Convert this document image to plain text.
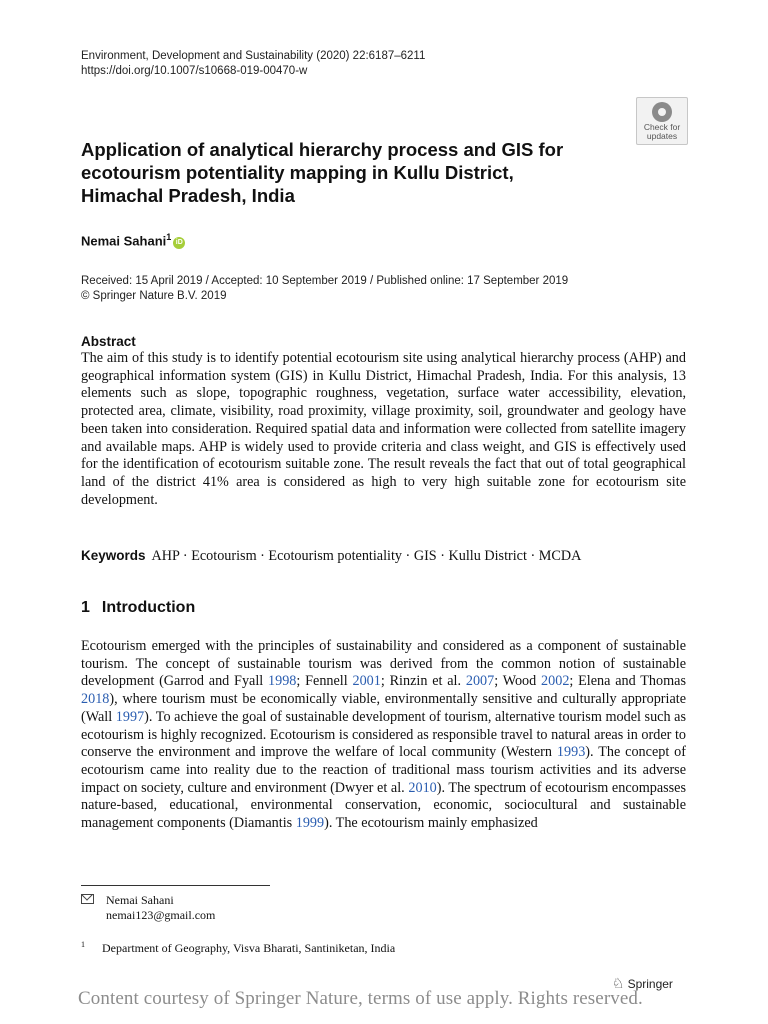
Environment, Development and Sustainability (2020) 22:6187–6211
https://doi.org/10.1007/s10668-019-00470-w
Check for
updates
Application of analytical hierarchy process and GIS for ecotourism potentiality mapping in Kullu District, Himachal Pradesh, India
Nemai Sahani$^1$iD
Received: 15 April 2019 / Accepted: 10 September 2019 / Published online: 17 September 2019
© Springer Nature B.V. 2019
Abstract

The aim of this study is to identify potential ecotourism site using analytical hierarchy process (AHP) and geographical information system (GIS) in Kullu District, Himachal Pradesh, India. For this analysis, 13 elements such as slope, topographic roughness, vegetation, surface water accessibility, elevation, protected area, climate, visibility, road proximity, village proximity, soil, groundwater and geology have been taken into consideration. Required spatial data and information were collected from satellite imagery and available maps. AHP is widely used to provide criteria and class weight, and GIS is effectively used for the identification of ecotourism suitable zone. The result reveals the fact that out of total geographical land of the district 41% area is considered as high to very high suitable zone for ecotourism site development.

Keywords AHP · Ecotourism · Ecotourism potentiality · GIS · Kullu District · MCDA
1 Introduction

Ecotourism emerged with the principles of sustainability and considered as a component of sustainable tourism. The concept of sustainable tourism was derived from the common notion of sustainable development (Garrod and Fyall 1998; Fennell 2001; Rinzin et al. 2007; Wood 2002; Elena and Thomas 2018), where tourism must be economically viable, environmentally sensitive and culturally appropriate (Wall 1997). To achieve the goal of sustainable development of tourism, alternative tourism model such as ecotourism is highly recognized. Ecotourism is considered as responsible travel to natural areas in order to conserve the environment and improve the welfare of local community (Western 1993). The concept of ecotourism came into reality due to the reaction of traditional mass tourism activities and its adverse impact on society, culture and environment (Dwyer et al. 2010). The spectrum of ecotourism encompasses nature-based, educational, environmental conservation, economic, sociocultural and sustainable management components (Diamantis 1999). The ecotourism mainly emphasized

Nemai Sahani
nemai123@gmail.com
$^1$ Department of Geography, Visva Bharati, Santiniketan, India
♘ Springer
Content courtesy of Springer Nature, terms of use apply. Rights reserved.
